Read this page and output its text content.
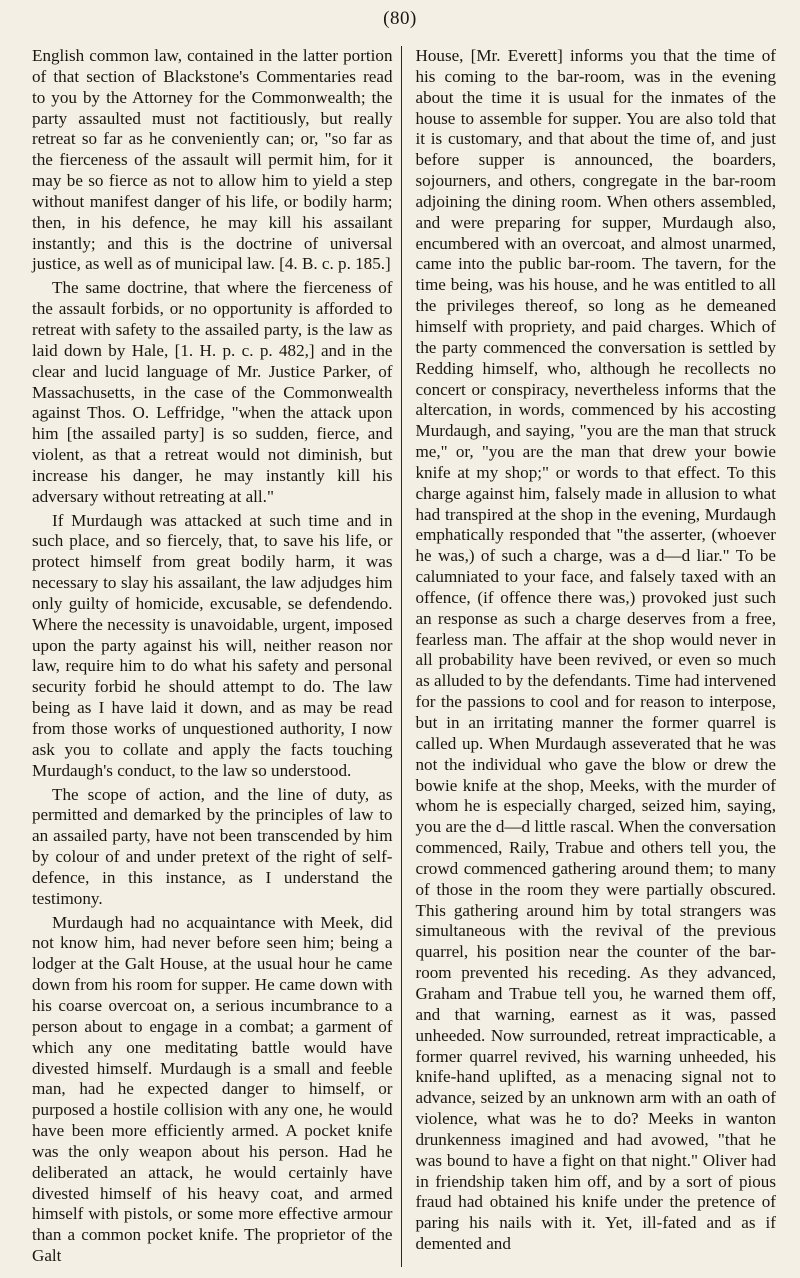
(80)

English common law, contained in the latter portion of that section of Blackstone's Commentaries read to you by the Attorney for the Commonwealth; the party assaulted must not factitiously, but really retreat so far as he conveniently can; or, "so far as the fierceness of the assault will permit him, for it may be so fierce as not to allow him to yield a step without manifest danger of his life, or bodily harm; then, in his defence, he may kill his assailant instantly; and this is the doctrine of universal justice, as well as of municipal law. [4. B. c. p. 185.]

The same doctrine, that where the fierceness of the assault forbids, or no opportunity is afforded to retreat with safety to the assailed party, is the law as laid down by Hale, [1. H. p. c. p. 482,] and in the clear and lucid language of Mr. Justice Parker, of Massachusetts, in the case of the Commonwealth against Thos. O. Leffridge, "when the attack upon him [the assailed party] is so sudden, fierce, and violent, as that a retreat would not diminish, but increase his danger, he may instantly kill his adversary without retreating at all."

If Murdaugh was attacked at such time and in such place, and so fiercely, that, to save his life, or protect himself from great bodily harm, it was necessary to slay his assailant, the law adjudges him only guilty of homicide, excusable, se defendendo. Where the necessity is unavoidable, urgent, imposed upon the party against his will, neither reason nor law, require him to do what his safety and personal security forbid he should attempt to do. The law being as I have laid it down, and as may be read from those works of unquestioned authority, I now ask you to collate and apply the facts touching Murdaugh's conduct, to the law so understood.

The scope of action, and the line of duty, as permitted and demarked by the principles of law to an assailed party, have not been transcended by him by colour of and under pretext of the right of self-defence, in this instance, as I understand the testimony.

Murdaugh had no acquaintance with Meek, did not know him, had never before seen him; being a lodger at the Galt House, at the usual hour he came down from his room for supper. He came down with his coarse overcoat on, a serious incumbrance to a person about to engage in a combat; a garment of which any one meditating battle would have divested himself. Murdaugh is a small and feeble man, had he expected danger to himself, or purposed a hostile collision with any one, he would have been more efficiently armed. A pocket knife was the only weapon about his person. Had he deliberated an attack, he would certainly have divested himself of his heavy coat, and armed himself with pistols, or some more effective armour than a common pocket knife. The proprietor of the Galt

House, [Mr. Everett] informs you that the time of his coming to the bar-room, was in the evening about the time it is usual for the inmates of the house to assemble for supper. You are also told that it is customary, and that about the time of, and just before supper is announced, the boarders, sojourners, and others, congregate in the bar-room adjoining the dining room. When others assembled, and were preparing for supper, Murdaugh also, encumbered with an overcoat, and almost unarmed, came into the public bar-room. The tavern, for the time being, was his house, and he was entitled to all the privileges thereof, so long as he demeaned himself with propriety, and paid charges. Which of the party commenced the conversation is settled by Redding himself, who, although he recollects no concert or conspiracy, nevertheless informs that the altercation, in words, commenced by his accosting Murdaugh, and saying, "you are the man that struck me," or, "you are the man that drew your bowie knife at my shop;" or words to that effect. To this charge against him, falsely made in allusion to what had transpired at the shop in the evening, Murdaugh emphatically responded that "the asserter, (whoever he was,) of such a charge, was a d—d liar." To be calumniated to your face, and falsely taxed with an offence, (if offence there was,) provoked just such an response as such a charge deserves from a free, fearless man. The affair at the shop would never in all probability have been revived, or even so much as alluded to by the defendants. Time had intervened for the passions to cool and for reason to interpose, but in an irritating manner the former quarrel is called up. When Murdaugh asseverated that he was not the individual who gave the blow or drew the bowie knife at the shop, Meeks, with the murder of whom he is especially charged, seized him, saying, you are the d—d little rascal. When the conversation commenced, Raily, Trabue and others tell you, the crowd commenced gathering around them; to many of those in the room they were partially obscured. This gathering around him by total strangers was simultaneous with the revival of the previous quarrel, his position near the counter of the bar-room prevented his receding. As they advanced, Graham and Trabue tell you, he warned them off, and that warning, earnest as it was, passed unheeded. Now surrounded, retreat impracticable, a former quarrel revived, his warning unheeded, his knife-hand uplifted, as a menacing signal not to advance, seized by an unknown arm with an oath of violence, what was he to do? Meeks in wanton drunkenness imagined and had avowed, "that he was bound to have a fight on that night." Oliver had in friendship taken him off, and by a sort of pious fraud had obtained his knife under the pretence of paring his nails with it. Yet, ill-fated and as if demented and
